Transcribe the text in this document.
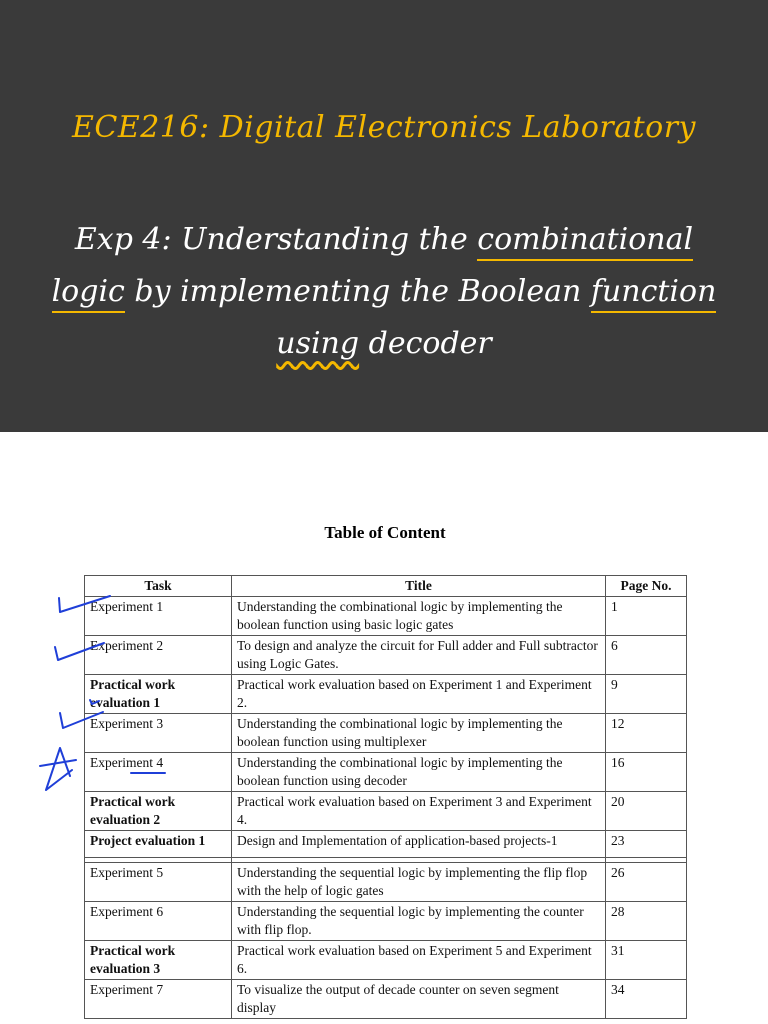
ECE216: Digital Electronics Laboratory
Exp 4: Understanding the combinational logic by implementing the Boolean function using decoder
Table of Content
Task	Title	Page No.
Experiment 1	Understanding the combinational logic by implementing the boolean function using basic logic gates	1
Experiment 2	To design and analyze the circuit for Full adder and Full subtractor using Logic Gates.	6
Practical work evaluation 1	Practical work evaluation based on Experiment 1 and Experiment 2.	9
Experiment 3	Understanding the combinational logic by implementing the boolean function using multiplexer	12
Experiment 4	Understanding the combinational logic by implementing the boolean function using decoder	16
Practical work evaluation 2	Practical work evaluation based on Experiment 3 and Experiment 4.	20
Project evaluation 1	Design and Implementation of application-based projects-1	23

Experiment 5	Understanding the sequential logic by implementing the flip flop with the help of logic gates	26
Experiment 6	Understanding the sequential logic by implementing the counter with flip flop.	28
Practical work evaluation 3	Practical work evaluation based on Experiment 5 and Experiment 6.	31
Experiment 7	To visualize the output of decade counter on seven segment display	34
